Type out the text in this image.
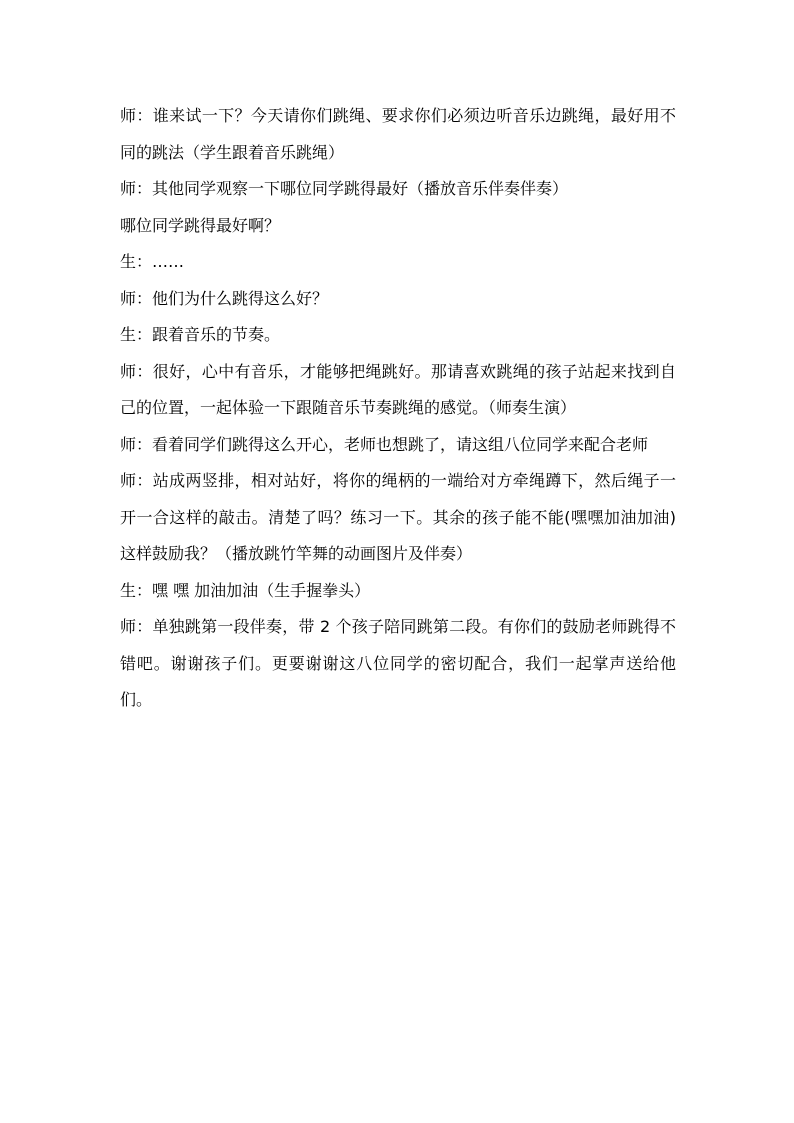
师：谁来试一下？今天请你们跳绳、要求你们必须边听音乐边跳绳，最好用不同的跳法（学生跟着音乐跳绳）

师：其他同学观察一下哪位同学跳得最好（播放音乐伴奏伴奏）

哪位同学跳得最好啊？

生：……

师：他们为什么跳得这么好？

生：跟着音乐的节奏。

师：很好，心中有音乐，才能够把绳跳好。那请喜欢跳绳的孩子站起来找到自己的位置，一起体验一下跟随音乐节奏跳绳的感觉。（师奏生演）

师：看着同学们跳得这么开心，老师也想跳了，请这组八位同学来配合老师

师：站成两竖排，相对站好，将你的绳柄的一端给对方牵绳蹲下，然后绳子一开一合这样的敲击。清楚了吗？练习一下。其余的孩子能不能(嘿嘿加油加油)这样鼓励我？（播放跳竹竿舞的动画图片及伴奏）

生：嘿 嘿 加油加油（生手握拳头）

师：单独跳第一段伴奏，带 2 个孩子陪同跳第二段。有你们的鼓励老师跳得不错吧。谢谢孩子们。更要谢谢这八位同学的密切配合，我们一起掌声送给他们。
